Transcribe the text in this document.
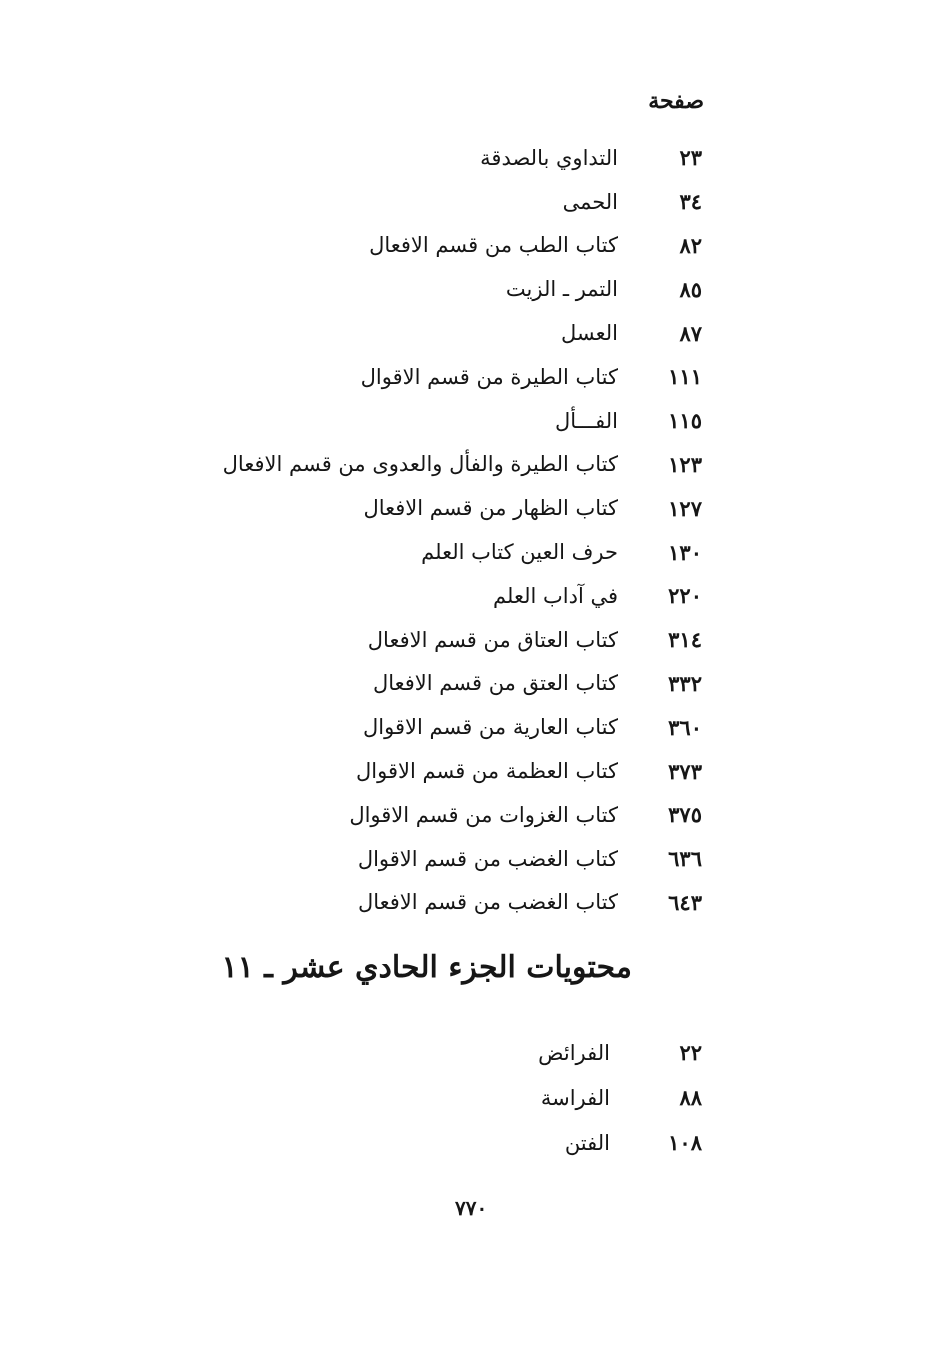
صفحة
٢٣
التداوي بالصدقة
٣٤
الحمى
٨٢
كتاب الطب من قسم الافعال
٨٥
التمر ـ الزيت
٨٧
العسل
١١١
كتاب الطيرة من قسم الاقوال
١١٥
الفـــأل
١٢٣
كتاب الطيرة والفأل والعدوى من قسم الافعال
١٢٧
كتاب الظهار من قسم الافعال
١٣٠
حرف العين كتاب العلم
٢٢٠
في آداب العلم
٣١٤
كتاب العتاق من قسم الافعال
٣٣٢
كتاب العتق من قسم الافعال
٣٦٠
كتاب العارية من قسم الاقوال
٣٧٣
كتاب العظمة من قسم الاقوال
٣٧٥
كتاب الغزوات من قسم الاقوال
٦٣٦
كتاب الغضب من قسم الاقوال
٦٤٣
كتاب الغضب من قسم الافعال
محتويات الجزء الحادي عشر ـ ١١
٢٢
الفرائض
٨٨
الفراسة
١٠٨
الفتن
٧٧٠
